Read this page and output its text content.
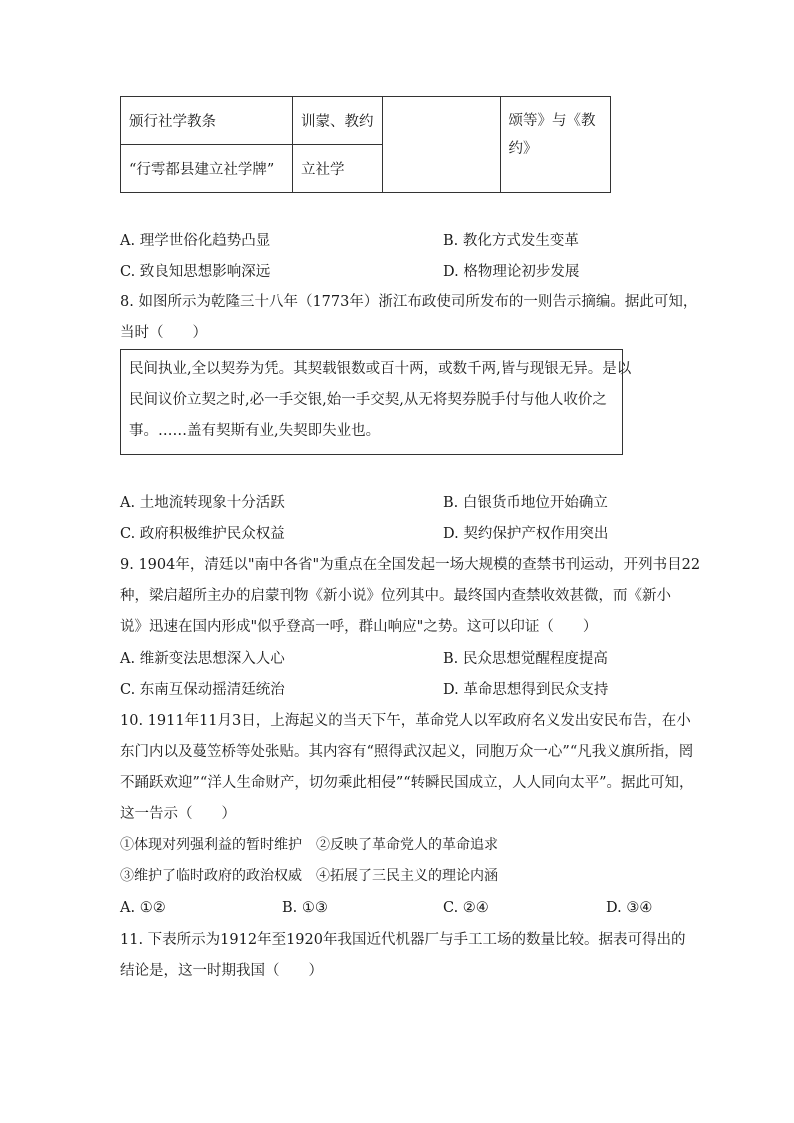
颁行社学教条	训蒙、教约		颂等》与《教约》
“行雩都县建立社学牌”	立社学		
A. 理学世俗化趋势凸显	B. 教化方式发生变革
C. 致良知思想影响深远	D. 格物理论初步发展
8. 如图所示为乾隆三十八年（1773年）浙江布政使司所发布的一则告示摘编。据此可知，
当时（　　）
民间执业,全以契券为凭。其契载银数或百十两，或数千两,皆与现银无异。是以
民间议价立契之时,必一手交银,始一手交契,从无将契券脱手付与他人收价之
事。……盖有契斯有业,失契即失业也。
A. 土地流转现象十分活跃	B. 白银货币地位开始确立
C. 政府积极维护民众权益	D. 契约保护产权作用突出
9. 1904年，清廷以"南中各省"为重点在全国发起一场大规模的查禁书刊运动，开列书目22
种，梁启超所主办的启蒙刊物《新小说》位列其中。最终国内查禁收效甚微，而《新小
说》迅速在国内形成"似乎登高一呼，群山响应"之势。这可以印证（　　）
A. 维新变法思想深入人心	B. 民众思想觉醒程度提高
C. 东南互保动摇清廷统治	D. 革命思想得到民众支持
10. 1911年11月3日，上海起义的当天下午，革命党人以军政府名义发出安民布告，在小
东门内以及蔓笠桥等处张贴。其内容有“照得武汉起义，同胞万众一心”“凡我义旗所指，罔
不踊跃欢迎”“洋人生命财产，切勿乘此相侵”“转瞬民国成立，人人同向太平”。据此可知，
这一告示（　　）
①体现对列强利益的暂时维护　②反映了革命党人的革命追求
③维护了临时政府的政治权威　④拓展了三民主义的理论内涵
A. ①②	B. ①③	C. ②④	D. ③④
11. 下表所示为1912年至1920年我国近代机器厂与手工工场的数量比较。据表可得出的
结论是，这一时期我国（　　）
